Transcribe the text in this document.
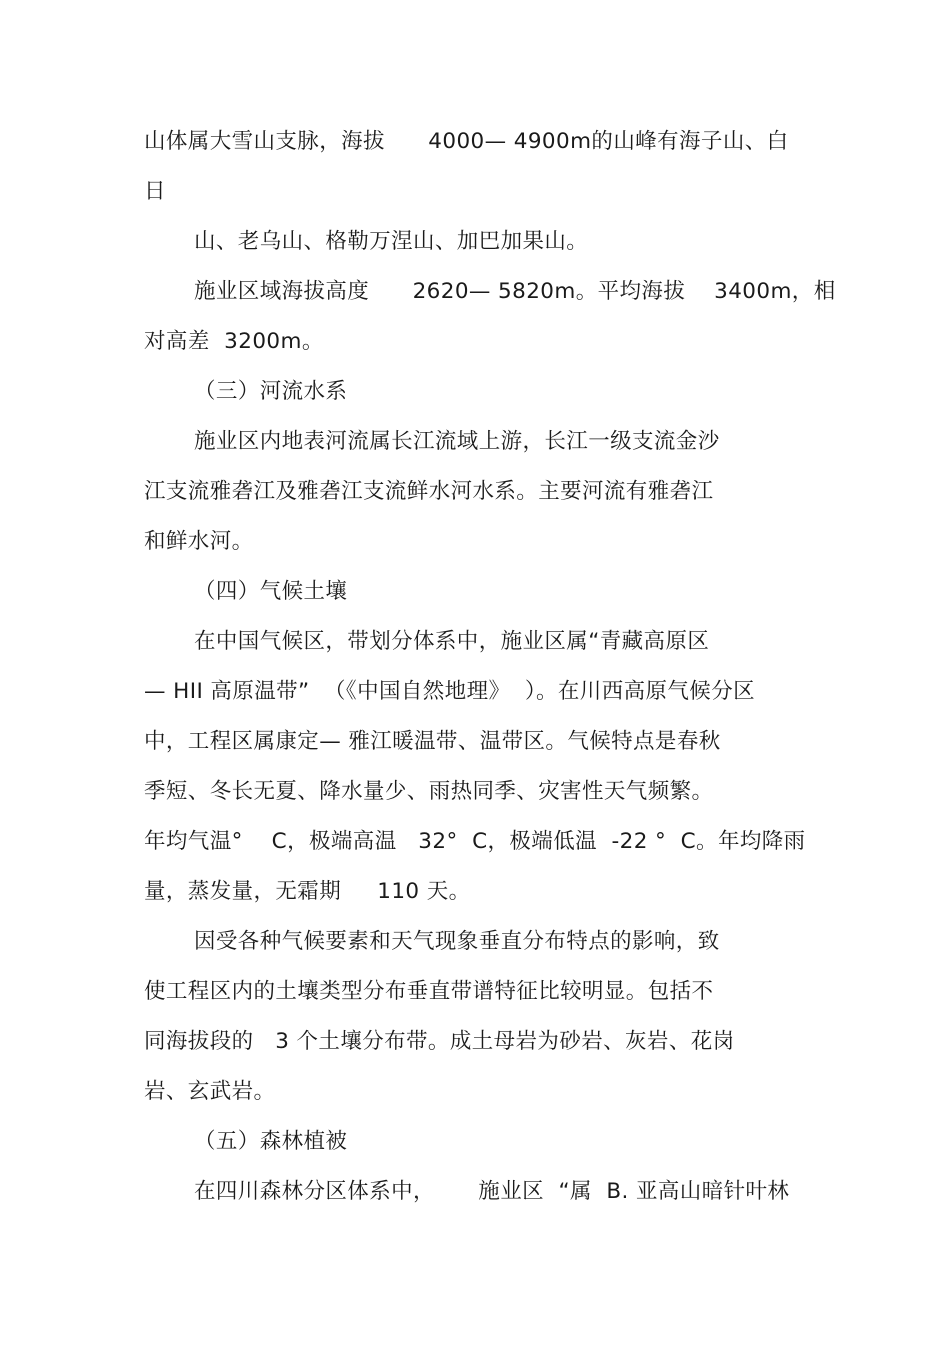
山体属大雪山支脉，海拔      4000— 4900m的山峰有海子山、白
日
山、老乌山、格勒万涅山、加巴加果山。
施业区域海拔高度      2620— 5820m。平均海拔    3400m，相
对高差  3200m。
（三）河流水系
施业区内地表河流属长江流域上游，长江一级支流金沙
江支流雅砻江及雅砻江支流鲜水河水系。主要河流有雅砻江
和鲜水河。
（四）气候土壤
在中国气候区，带划分体系中，施业区属“青藏高原区
— HII 高原温带”  （《中国自然地理》  ）。在川西高原气候分区
中，工程区属康定— 雅江暖温带、温带区。气候特点是春秋
季短、冬长无夏、降水量少、雨热同季、灾害性天气频繁。
年均气温°    C，极端高温   32°  C，极端低温  -22 °  C。年均降雨
量，蒸发量，无霜期     110 天。
因受各种气候要素和天气现象垂直分布特点的影响，致
使工程区内的土壤类型分布垂直带谱特征比较明显。包括不
同海拔段的   3 个土壤分布带。成土母岩为砂岩、灰岩、花岗
岩、玄武岩。
（五）森林植被
在四川森林分区体系中，      施业区  “属  B. 亚高山暗针叶林
